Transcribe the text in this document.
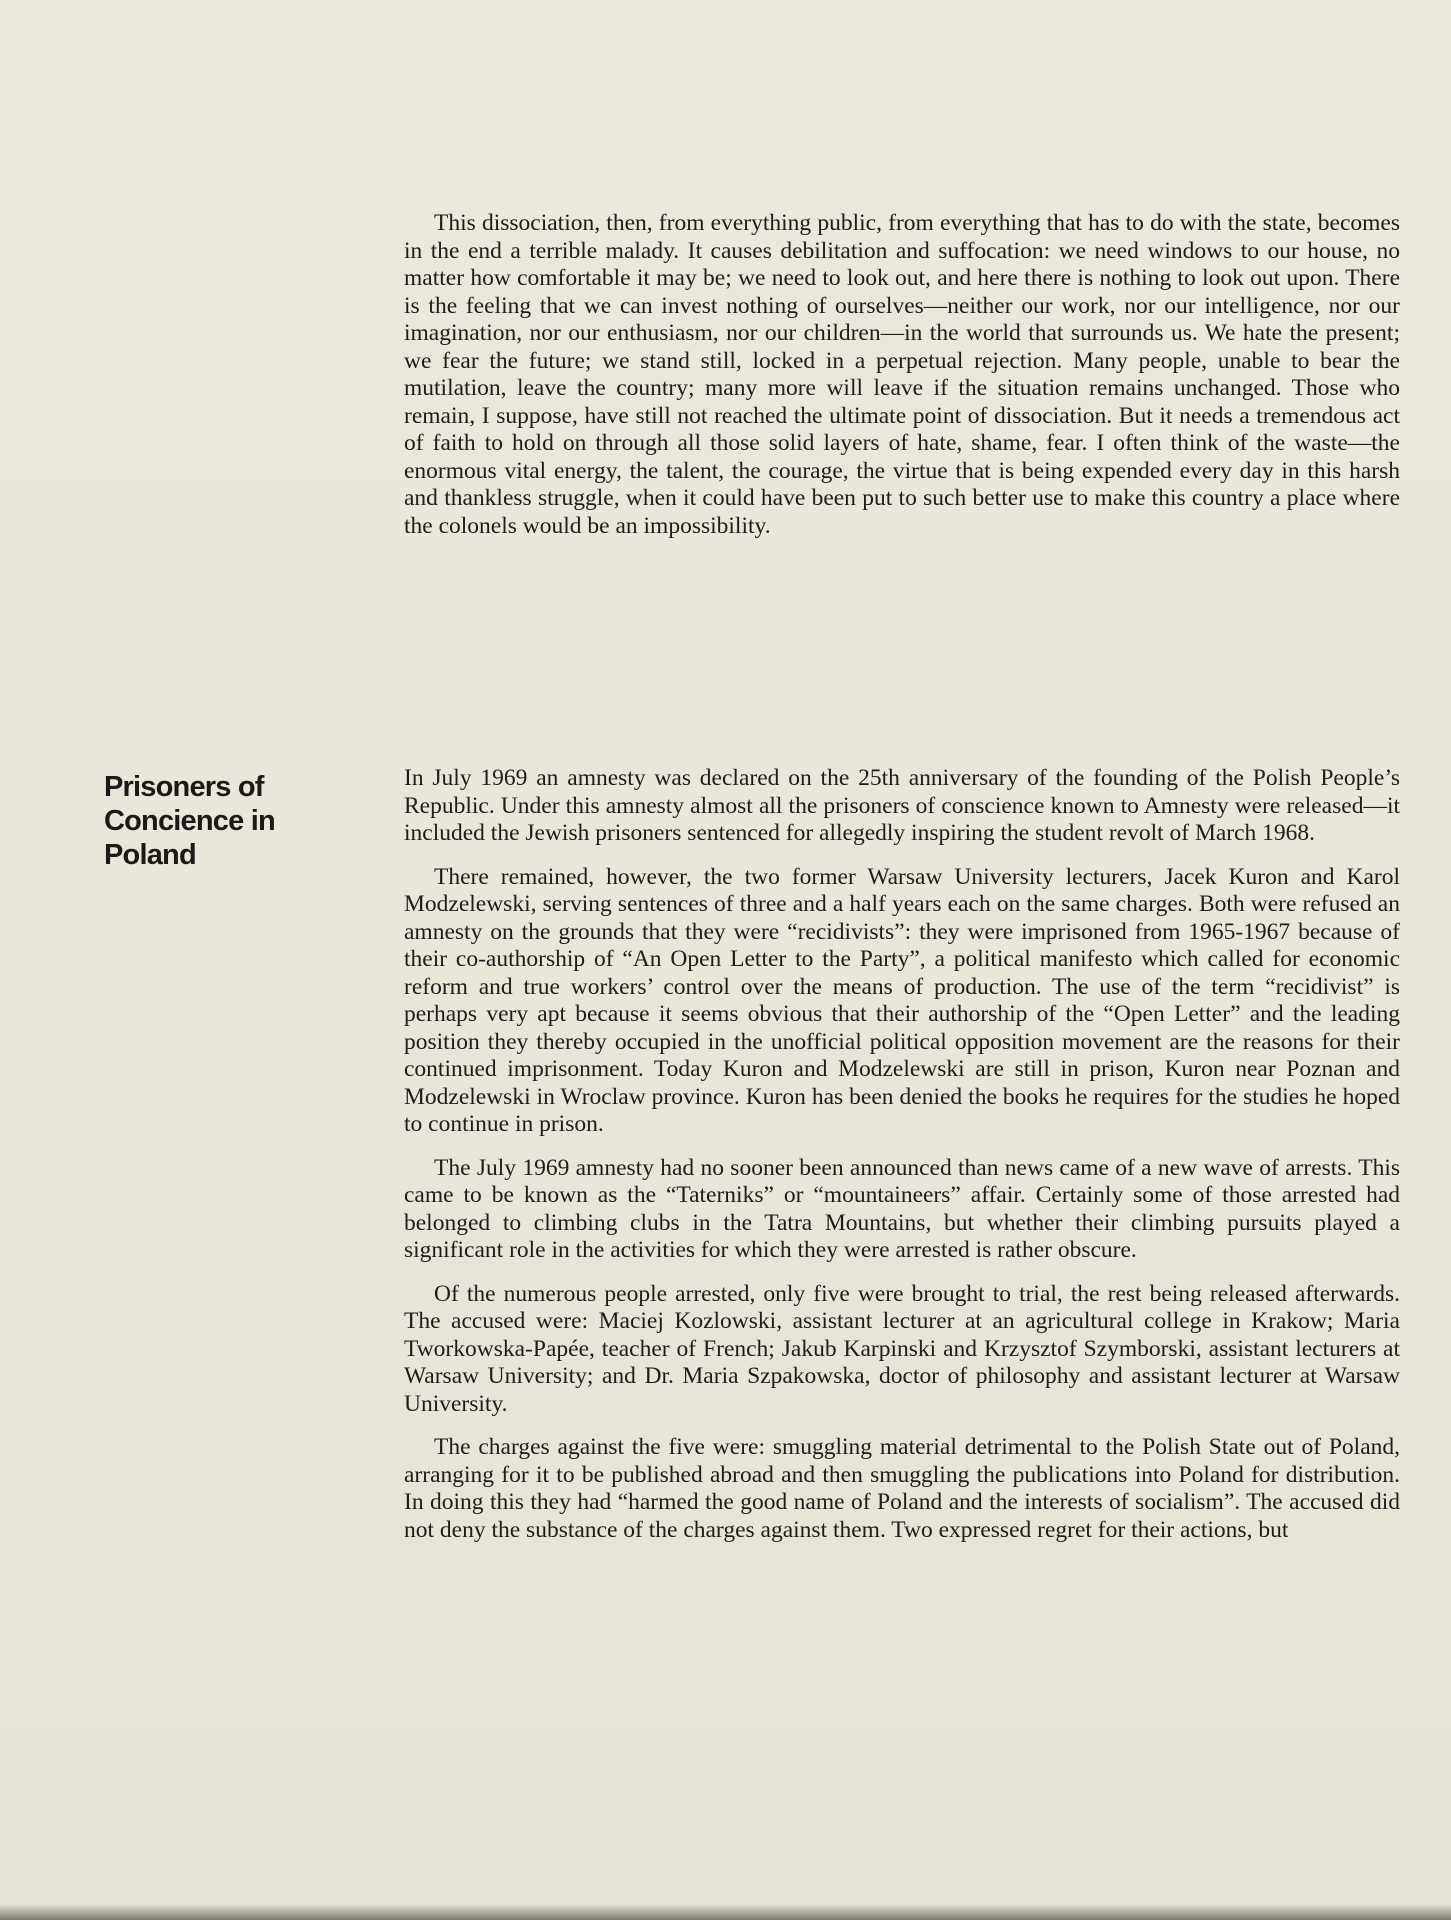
This dissociation, then, from everything public, from everything that has to do with the state, becomes in the end a terrible malady. It causes debilitation and suffocation: we need windows to our house, no matter how comfortable it may be; we need to look out, and here there is nothing to look out upon. There is the feeling that we can invest nothing of ourselves—neither our work, nor our intelligence, nor our imagination, nor our enthusiasm, nor our children—in the world that surrounds us. We hate the present; we fear the future; we stand still, locked in a perpetual rejection. Many people, unable to bear the mutilation, leave the country; many more will leave if the situation remains unchanged. Those who remain, I suppose, have still not reached the ultimate point of dissociation. But it needs a tremendous act of faith to hold on through all those solid layers of hate, shame, fear. I often think of the waste—the enormous vital energy, the talent, the courage, the virtue that is being expended every day in this harsh and thankless struggle, when it could have been put to such better use to make this country a place where the colonels would be an impossibility.

Prisoners of
Concience in
Poland

In July 1969 an amnesty was declared on the 25th anniversary of the founding of the Polish People’s Republic. Under this amnesty almost all the prisoners of conscience known to Amnesty were released—it included the Jewish prisoners sentenced for allegedly inspiring the student revolt of March 1968.

There remained, however, the two former Warsaw University lecturers, Jacek Kuron and Karol Modzelewski, serving sentences of three and a half years each on the same charges. Both were refused an amnesty on the grounds that they were “recidivists”: they were imprisoned from 1965-1967 because of their co-authorship of “An Open Letter to the Party”, a political manifesto which called for economic reform and true workers’ control over the means of production. The use of the term “recidivist” is perhaps very apt because it seems obvious that their authorship of the “Open Letter” and the leading position they thereby occupied in the unofficial political opposition movement are the reasons for their continued imprisonment. Today Kuron and Modzelewski are still in prison, Kuron near Poznan and Modzelewski in Wroclaw province. Kuron has been denied the books he requires for the studies he hoped to continue in prison.

The July 1969 amnesty had no sooner been announced than news came of a new wave of arrests. This came to be known as the “Taterniks” or “mountaineers” affair. Certainly some of those arrested had belonged to climbing clubs in the Tatra Mountains, but whether their climbing pursuits played a significant role in the activities for which they were arrested is rather obscure.

Of the numerous people arrested, only five were brought to trial, the rest being released afterwards. The accused were: Maciej Kozlowski, assistant lecturer at an agricultural college in Krakow; Maria Tworkowska-Papée, teacher of French; Jakub Karpinski and Krzysztof Szymborski, assistant lecturers at Warsaw University; and Dr. Maria Szpakowska, doctor of philosophy and assistant lecturer at Warsaw University.

The charges against the five were: smuggling material detrimental to the Polish State out of Poland, arranging for it to be published abroad and then smuggling the publications into Poland for distribution. In doing this they had “harmed the good name of Poland and the interests of socialism”. The accused did not deny the substance of the charges against them. Two expressed regret for their actions, but
